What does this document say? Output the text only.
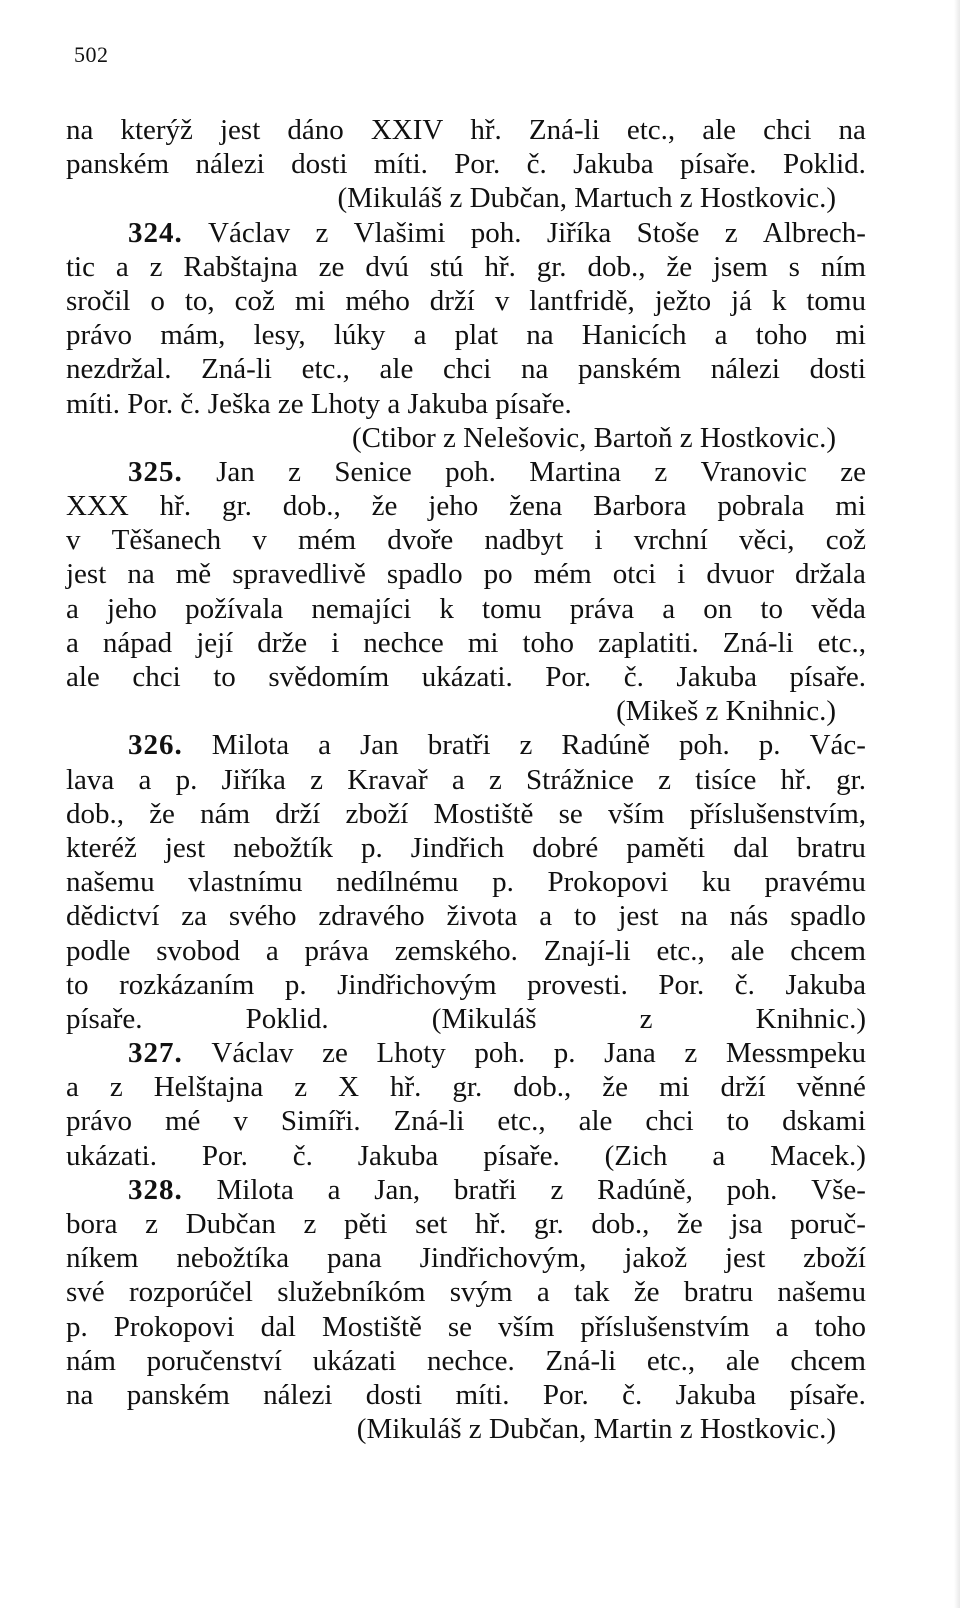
502
na kterýž jest dáno XXIV hř. Zná-li etc., ale chci na
panském nálezi dosti míti. Por. č. Jakuba písaře. Poklid.
(Mikuláš z Dubčan, Martuch z Hostkovic.)
324. Václav z Vlašimi poh. Jiříka Stoše z Albrech-
tic a z Rabštajna ze dvú stú hř. gr. dob., že jsem s ním
sročil o to, což mi mého drží v lantfridě, ježto já k tomu
právo mám, lesy, lúky a plat na Hanicích a toho mi
nezdržal. Zná-li etc., ale chci na panském nálezi dosti
míti. Por. č. Ješka ze Lhoty a Jakuba písaře.
(Ctibor z Nelešovic, Bartoň z Hostkovic.)
325. Jan z Senice poh. Martina z Vranovic ze
XXX hř. gr. dob., že jeho žena Barbora pobrala mi
v Těšanech v mém dvoře nadbyt i vrchní věci, což
jest na mě spravedlivě spadlo po mém otci i dvuor držala
a jeho požívala nemajíci k tomu práva a on to věda
a nápad její drže i nechce mi toho zaplatiti. Zná-li etc.,
ale chci to svědomím ukázati. Por. č. Jakuba písaře.
(Mikeš z Knihnic.)
326. Milota a Jan bratři z Radúně poh. p. Vác-
lava a p. Jiříka z Kravař a z Strážnice z tisíce hř. gr.
dob., že nám drží zboží Mostiště se vším příslušenstvím,
kteréž jest nebožtík p. Jindřich dobré paměti dal bratru
našemu vlastnímu nedílnému p. Prokopovi ku pravému
dědictví za svého zdravého života a to jest na nás spadlo
podle svobod a práva zemského. Znají-li etc., ale chcem
to rozkázaním p. Jindřichovým provesti. Por. č. Jakuba
písaře.	Poklid.	(Mikuláš	z	Knihnic.)
327. Václav ze Lhoty poh. p. Jana z Messmpeku
a z Helštajna z X hř. gr. dob., že mi drží věnné
právo mé v Simíři. Zná-li etc., ale chci to dskami
ukázati. Por. č. Jakuba písaře. (Zich a Macek.)
328. Milota a Jan, bratři z Radúně, poh. Vše-
bora z Dubčan z pěti set hř. gr. dob., že jsa poruč-
níkem nebožtíka pana Jindřichovým, jakož jest zboží
své rozporúčel služebníkóm svým a tak že bratru našemu
p. Prokopovi dal Mostiště se vším příslušenstvím a toho
nám poručenství ukázati nechce. Zná-li etc., ale chcem
na panském nálezi dosti míti. Por. č. Jakuba písaře.
(Mikuláš z Dubčan, Martin z Hostkovic.)
